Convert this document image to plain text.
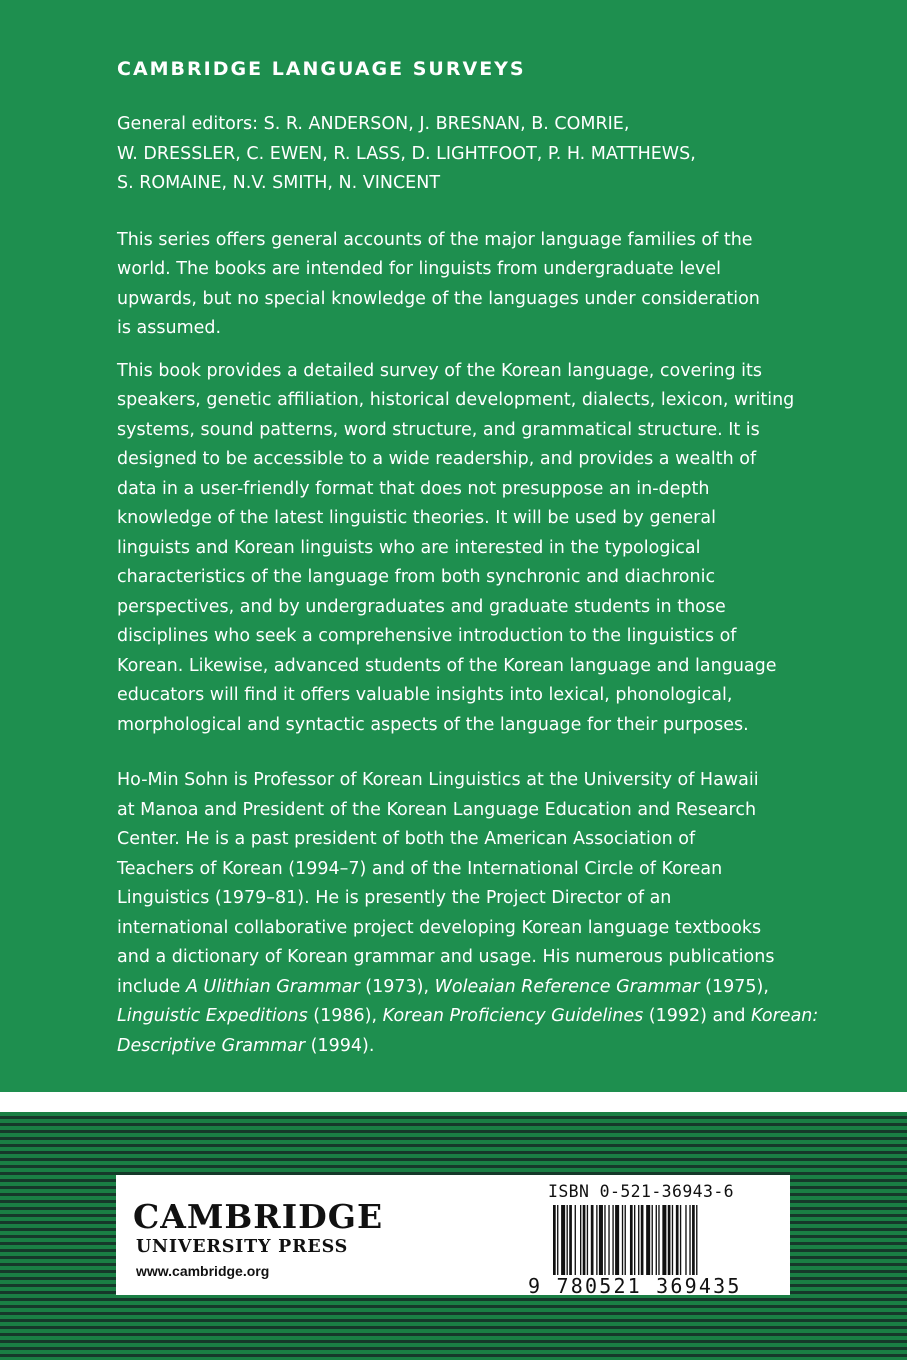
CAMBRIDGE LANGUAGE SURVEYS
General editors: S. R. ANDERSON, J. BRESNAN, B. COMRIE,
W. DRESSLER, C. EWEN, R. LASS, D. LIGHTFOOT, P. H. MATTHEWS,
S. ROMAINE, N.V. SMITH, N. VINCENT
This series offers general accounts of the major language families of the
world. The books are intended for linguists from undergraduate level
upwards, but no special knowledge of the languages under consideration
is assumed.
This book provides a detailed survey of the Korean language, covering its
speakers, genetic affiliation, historical development, dialects, lexicon, writing
systems, sound patterns, word structure, and grammatical structure. It is
designed to be accessible to a wide readership, and provides a wealth of
data in a user-friendly format that does not presuppose an in-depth
knowledge of the latest linguistic theories. It will be used by general
linguists and Korean linguists who are interested in the typological
characteristics of the language from both synchronic and diachronic
perspectives, and by undergraduates and graduate students in those
disciplines who seek a comprehensive introduction to the linguistics of
Korean. Likewise, advanced students of the Korean language and language
educators will find it offers valuable insights into lexical, phonological,
morphological and syntactic aspects of the language for their purposes.
Ho-Min Sohn is Professor of Korean Linguistics at the University of Hawaii
at Manoa and President of the Korean Language Education and Research
Center. He is a past president of both the American Association of
Teachers of Korean (1994–7) and of the International Circle of Korean
Linguistics (1979–81). He is presently the Project Director of an
international collaborative project developing Korean language textbooks
and a dictionary of Korean grammar and usage. His numerous publications
include A Ulithian Grammar (1973), Woleaian Reference Grammar (1975),
Linguistic Expeditions (1986), Korean Proficiency Guidelines (1992) and Korean:
Descriptive Grammar (1994).
CAMBRIDGE
UNIVERSITY PRESS
www.cambridge.org
ISBN 0-521-36943-6
9 780521 369435
